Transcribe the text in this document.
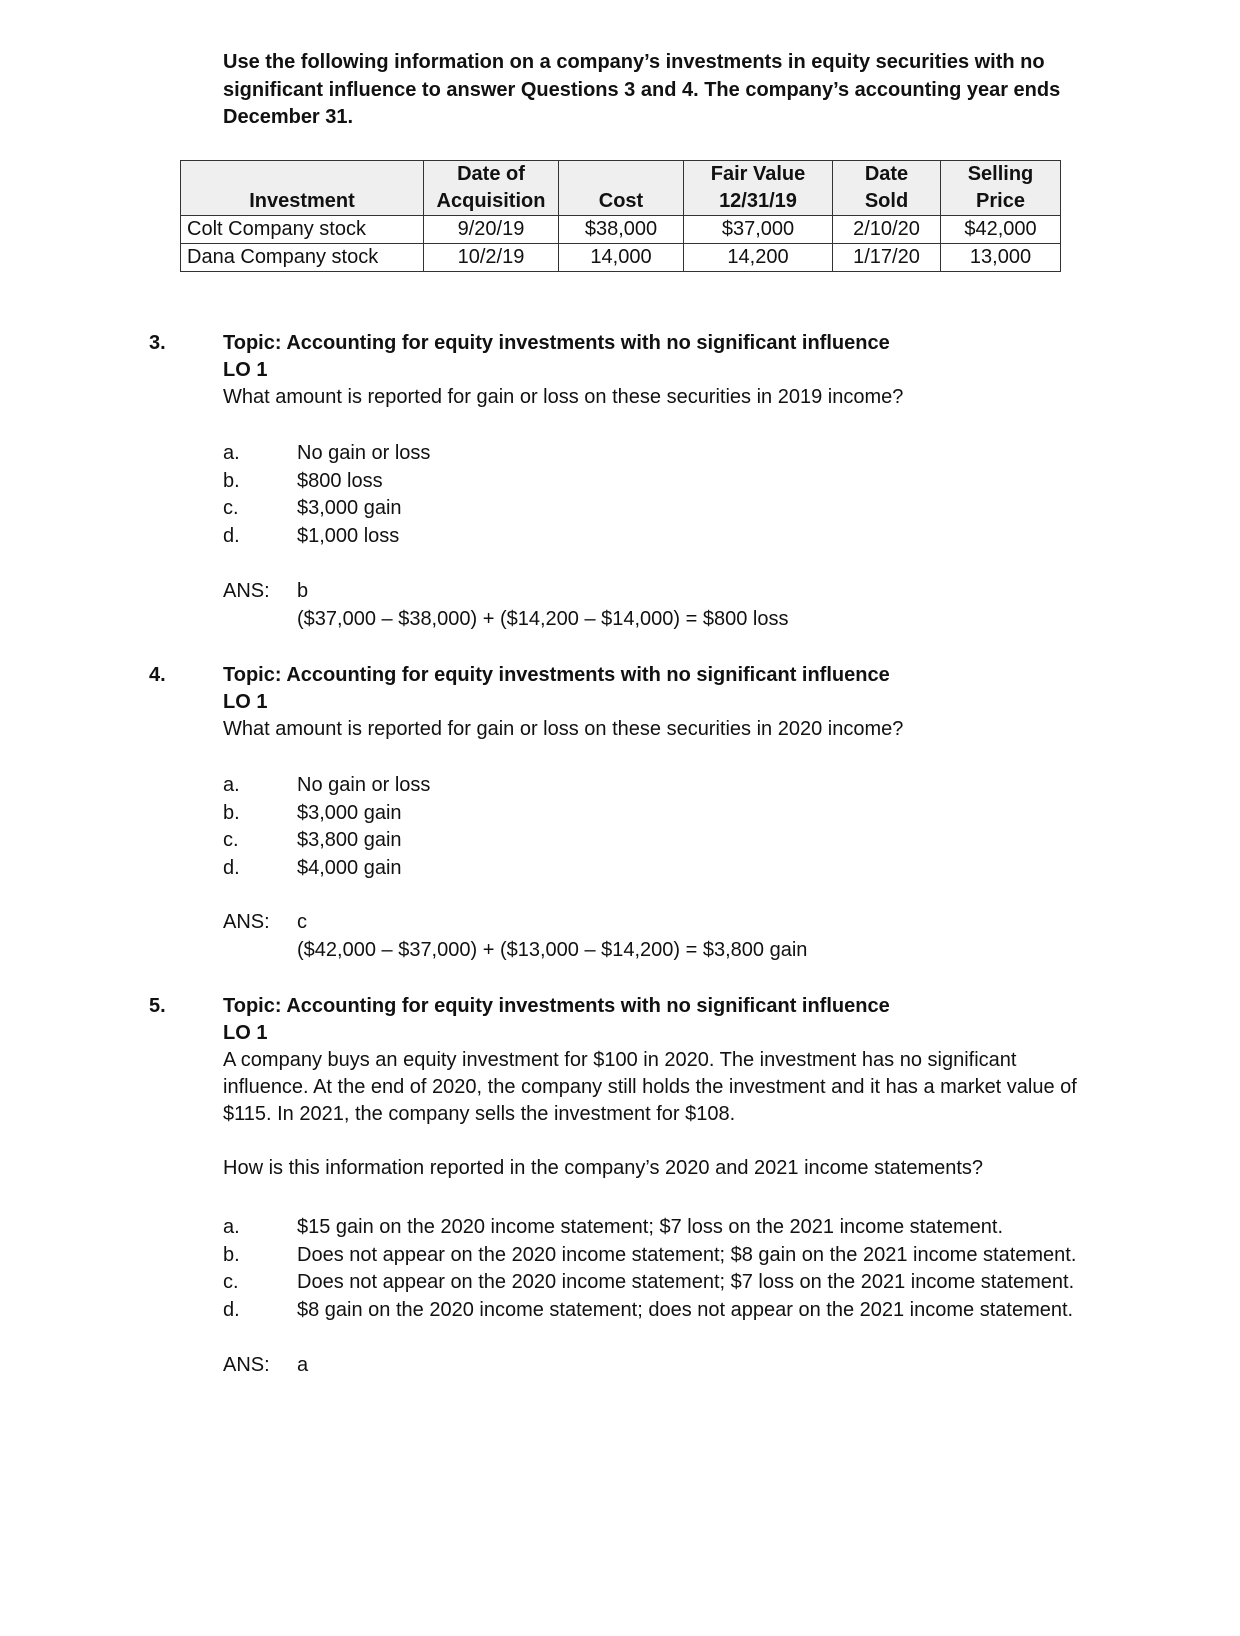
Use the following information on a company’s investments in equity securities with no significant influence to answer Questions 3 and 4. The company’s accounting year ends December 31.
	Date of		Fair Value	Date	Selling
Investment	Acquisition	Cost	12/31/19	Sold	Price
Colt Company stock	9/20/19	$38,000	$37,000	2/10/20	$42,000
Dana Company stock	10/2/19	14,000	14,200	1/17/20	13,000
3.	Topic: Accounting for equity investments with no significant influence
LO 1
What amount is reported for gain or loss on these securities in 2019 income?
a.	No gain or loss
b.	$800 loss
c.	$3,000 gain
d.	$1,000 loss
ANS:	b
($37,000 – $38,000) + ($14,200 – $14,000) = $800 loss
4.	Topic: Accounting for equity investments with no significant influence
LO 1
What amount is reported for gain or loss on these securities in 2020 income?
a.	No gain or loss
b.	$3,000 gain
c.	$3,800 gain
d.	$4,000 gain
ANS:	c
($42,000 – $37,000) + ($13,000 – $14,200) = $3,800 gain
5.	Topic: Accounting for equity investments with no significant influence
LO 1
A company buys an equity investment for $100 in 2020. The investment has no significant influence. At the end of 2020, the company still holds the investment and it has a market value of $115. In 2021, the company sells the investment for $108.
How is this information reported in the company’s 2020 and 2021 income statements?
a.	$15 gain on the 2020 income statement; $7 loss on the 2021 income statement.
b.	Does not appear on the 2020 income statement; $8 gain on the 2021 income statement.
c.	Does not appear on the 2020 income statement; $7 loss on the 2021 income statement.
d.	$8 gain on the 2020 income statement; does not appear on the 2021 income statement.
ANS:	a
